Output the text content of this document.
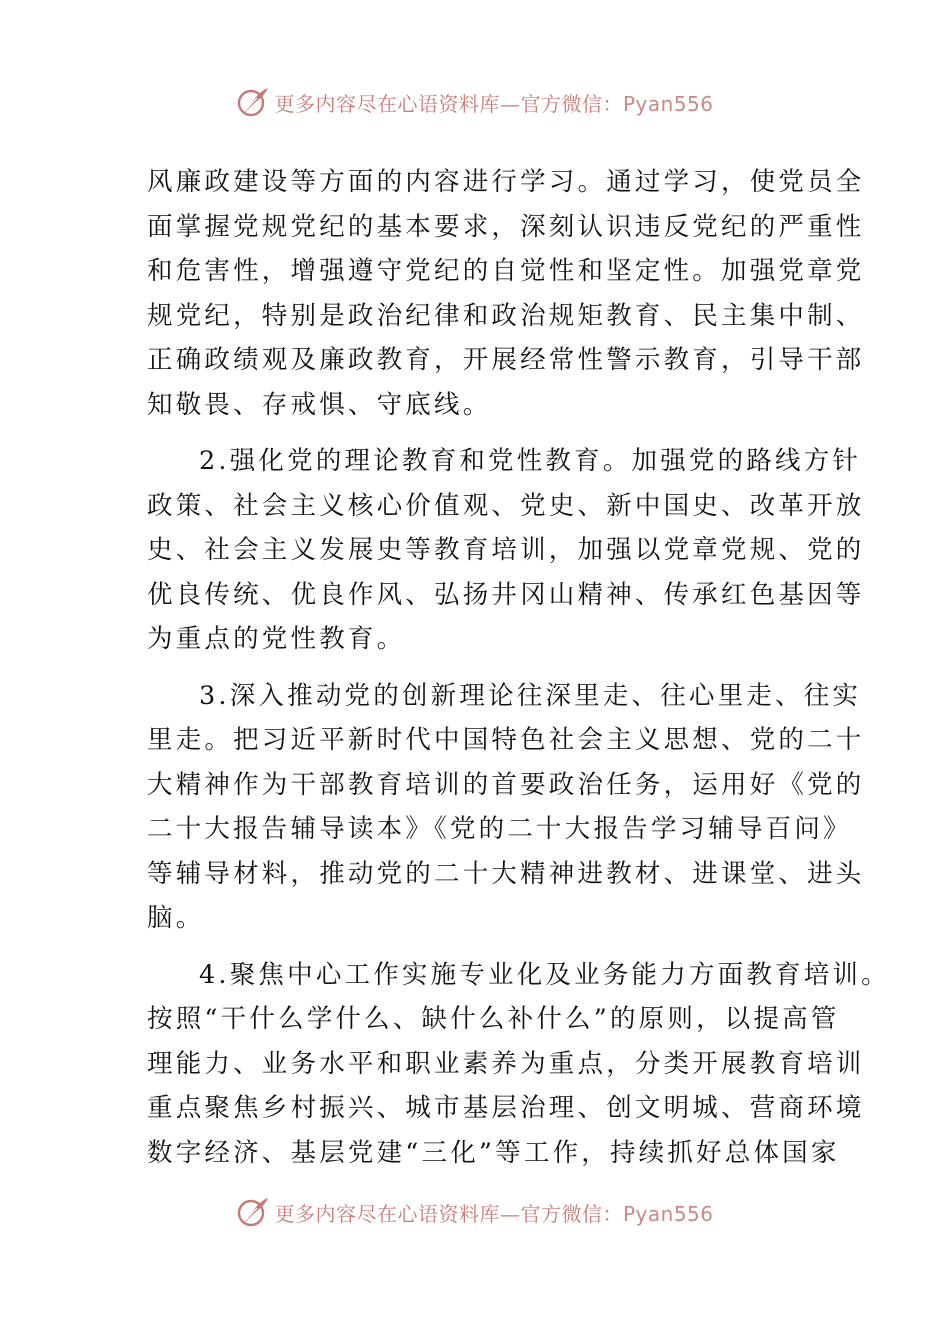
更多内容尽在心语资料库—官方微信：Pyan556

风廉政建设等方面的内容进行学习。通过学习，使党员全
面掌握党规党纪的基本要求，深刻认识违反党纪的严重性
和危害性，增强遵守党纪的自觉性和坚定性。加强党章党
规党纪，特别是政治纪律和政治规矩教育、民主集中制、
正确政绩观及廉政教育，开展经常性警示教育，引导干部
知敬畏、存戒惧、守底线。

2.强化党的理论教育和党性教育。加强党的路线方针
政策、社会主义核心价值观、党史、新中国史、改革开放
史、社会主义发展史等教育培训，加强以党章党规、党的
优良传统、优良作风、弘扬井冈山精神、传承红色基因等
为重点的党性教育。

3.深入推动党的创新理论往深里走、往心里走、往实
里走。把习近平新时代中国特色社会主义思想、党的二十
大精神作为干部教育培训的首要政治任务，运用好《党的
二十大报告辅导读本》《党的二十大报告学习辅导百问》
等辅导材料，推动党的二十大精神进教材、进课堂、进头
脑。

4.聚焦中心工作实施专业化及业务能力方面教育培训。
按照“干什么学什么、缺什么补什么”的原则，以提高管
理能力、业务水平和职业素养为重点，分类开展教育培训
重点聚焦乡村振兴、城市基层治理、创文明城、营商环境
数字经济、基层党建“三化”等工作，持续抓好总体国家

更多内容尽在心语资料库—官方微信：Pyan556
